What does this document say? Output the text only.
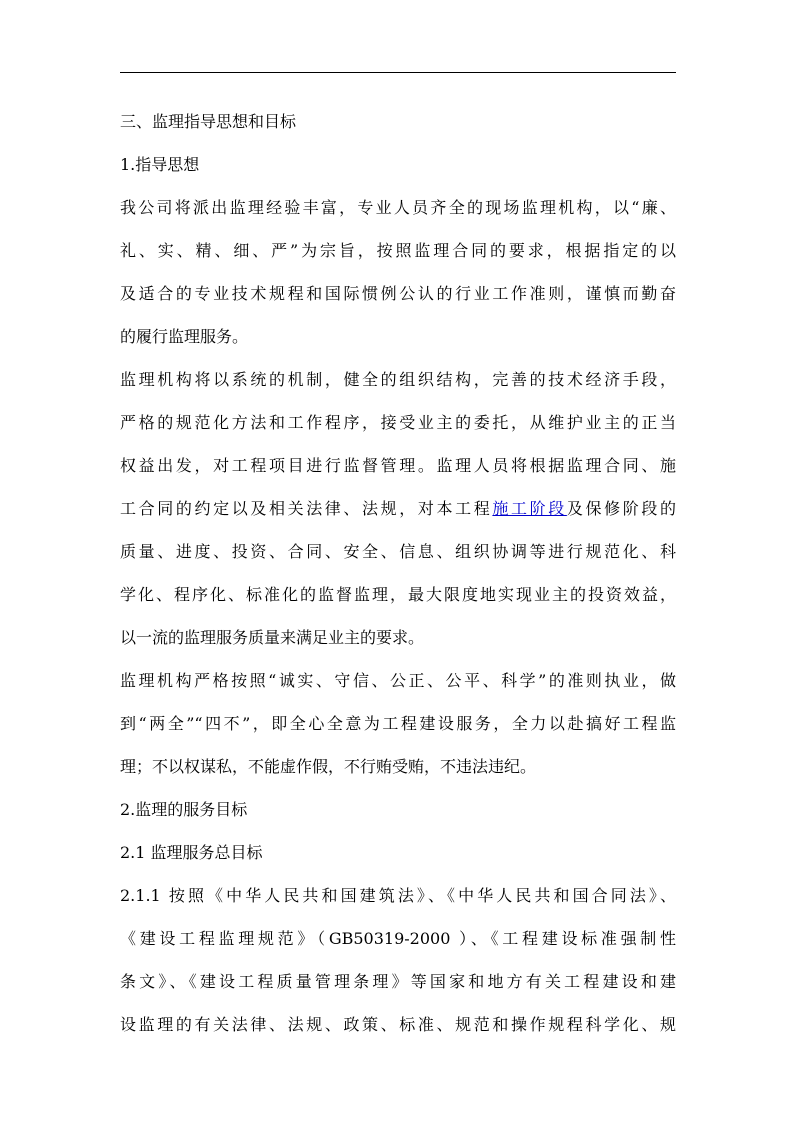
三、监理指导思想和目标
1.指导思想
我公司将派出监理经验丰富，专业人员齐全的现场监理机构，以“廉、
礼、实、精、细、严”为宗旨，按照监理合同的要求，根据指定的以
及适合的专业技术规程和国际惯例公认的行业工作准则，谨慎而勤奋
的履行监理服务。
监理机构将以系统的机制，健全的组织结构，完善的技术经济手段，
严格的规范化方法和工作程序，接受业主的委托，从维护业主的正当
权益出发，对工程项目进行监督管理。监理人员将根据监理合同、施
工合同的约定以及相关法律、法规，对本工程施工阶段及保修阶段的
质量、进度、投资、合同、安全、信息、组织协调等进行规范化、科
学化、程序化、标准化的监督监理，最大限度地实现业主的投资效益，
以一流的监理服务质量来满足业主的要求。
监理机构严格按照“诚实、守信、公正、公平、科学”的准则执业，做
到“两全”“四不”，即全心全意为工程建设服务，全力以赴搞好工程监
理；不以权谋私，不能虚作假，不行贿受贿，不违法违纪。
2.监理的服务目标
2.1 监理服务总目标
2.1.1 按照《中华人民共和国建筑法》、《中华人民共和国合同法》、
《建设工程监理规范》（GB50319-2000 ）、《工程建设标准强制性
条文》、《建设工程质量管理条理》等国家和地方有关工程建设和建
设监理的有关法律、法规、政策、标准、规范和操作规程科学化、规
